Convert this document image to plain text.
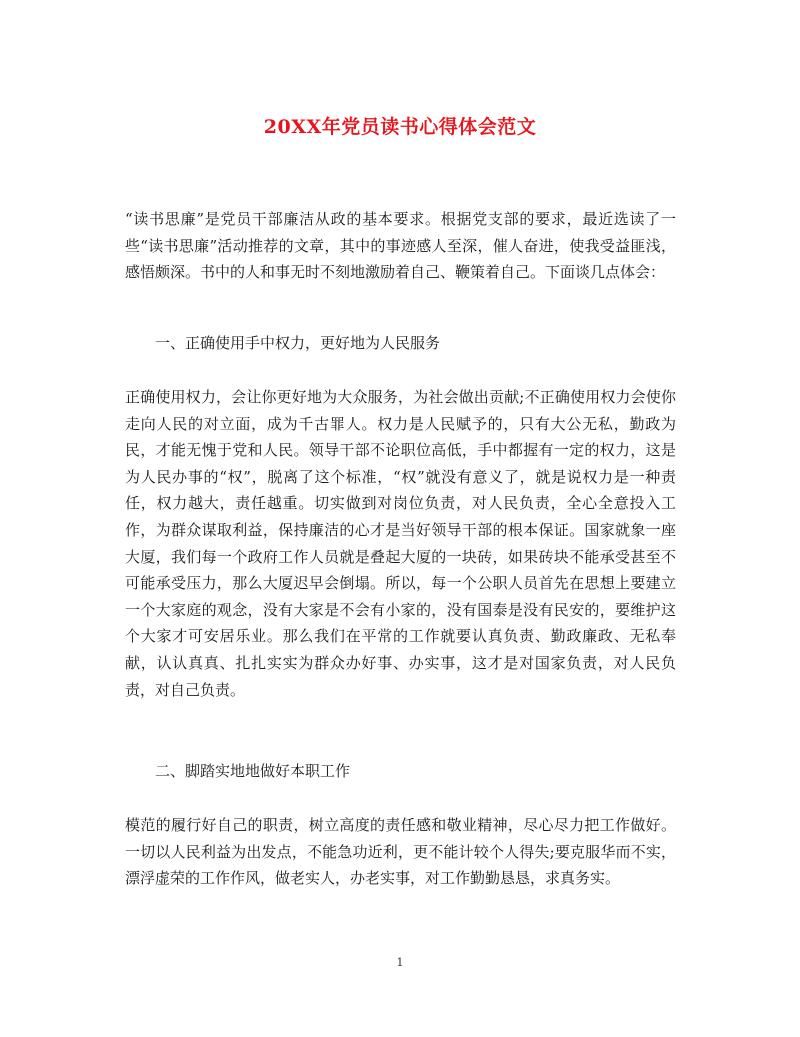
20XX年党员读书心得体会范文

“读书思廉”是党员干部廉洁从政的基本要求。根据党支部的要求，最近选读了一些“读书思廉”活动推荐的文章，其中的事迹感人至深，催人奋进，使我受益匪浅，感悟颇深。书中的人和事无时不刻地激励着自己、鞭策着自己。下面谈几点体会：

一、正确使用手中权力，更好地为人民服务

正确使用权力，会让你更好地为大众服务，为社会做出贡献;不正确使用权力会使你走向人民的对立面，成为千古罪人。权力是人民赋予的，只有大公无私，勤政为民，才能无愧于党和人民。领导干部不论职位高低，手中都握有一定的权力，这是为人民办事的“权”，脱离了这个标准，“权”就没有意义了，就是说权力是一种责任，权力越大，责任越重。切实做到对岗位负责，对人民负责，全心全意投入工作，为群众谋取利益，保持廉洁的心才是当好领导干部的根本保证。国家就象一座大厦，我们每一个政府工作人员就是叠起大厦的一块砖，如果砖块不能承受甚至不可能承受压力，那么大厦迟早会倒塌。所以，每一个公职人员首先在思想上要建立一个大家庭的观念，没有大家是不会有小家的，没有国泰是没有民安的，要维护这个大家才可安居乐业。那么我们在平常的工作就要认真负责、勤政廉政、无私奉献，认认真真、扎扎实实为群众办好事、办实事，这才是对国家负责，对人民负责，对自己负责。

二、脚踏实地地做好本职工作

模范的履行好自己的职责，树立高度的责任感和敬业精神，尽心尽力把工作做好。一切以人民利益为出发点，不能急功近利，更不能计较个人得失;要克服华而不实，漂浮虚荣的工作作风，做老实人，办老实事，对工作勤勤恳恳，求真务实。

1
